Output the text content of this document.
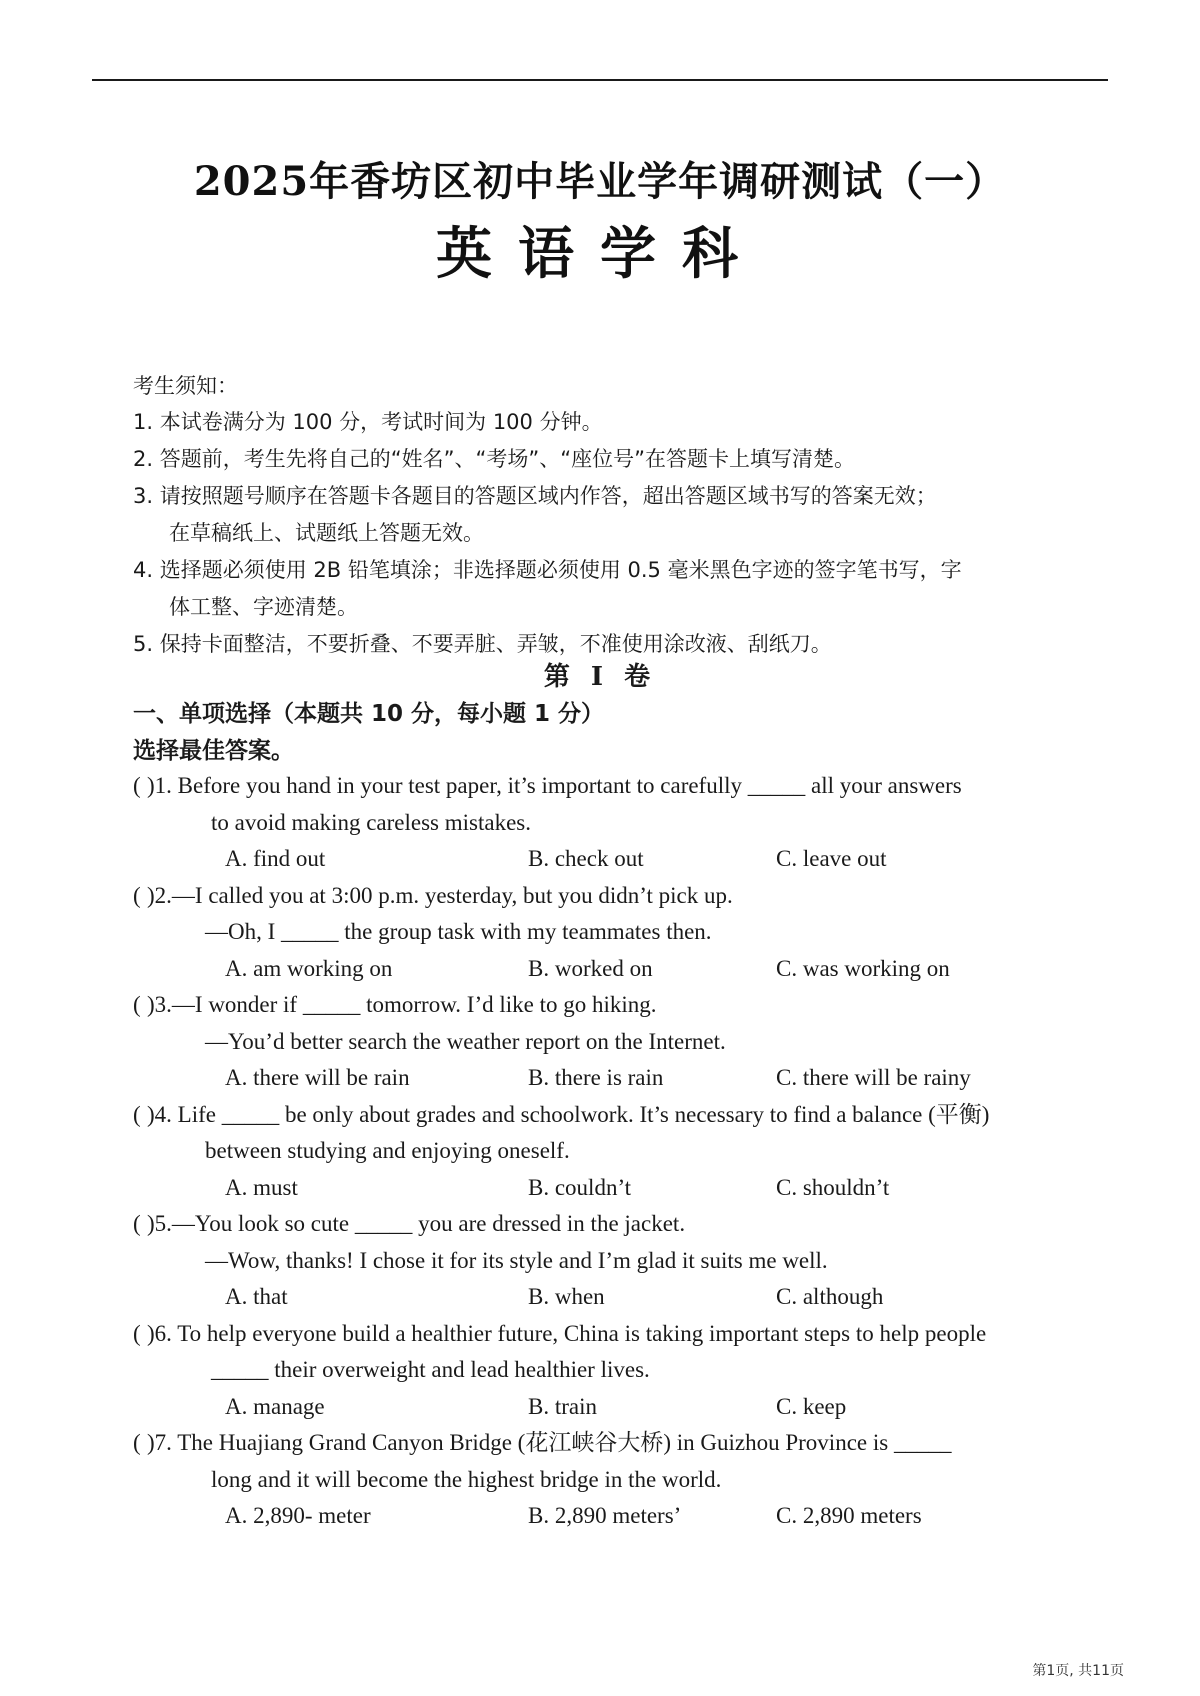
2025年香坊区初中毕业学年调研测试（一）
英语学科
考生须知：
1. 本试卷满分为 100 分，考试时间为 100 分钟。
2. 答题前，考生先将自己的“姓名”、“考场”、“座位号”在答题卡上填写清楚。
3. 请按照题号顺序在答题卡各题目的答题区域内作答，超出答题区域书写的答案无效；
在草稿纸上、试题纸上答题无效。
4. 选择题必须使用 2B 铅笔填涂；非选择题必须使用 0.5 毫米黑色字迹的签字笔书写，字
体工整、字迹清楚。
5. 保持卡面整洁，不要折叠、不要弄脏、弄皱，不准使用涂改液、刮纸刀。
第 I 卷
一、单项选择（本题共 10 分，每小题 1 分）
选择最佳答案。
( )1. Before you hand in your test paper, it’s important to carefully _____ all your answers
to avoid making careless mistakes.
A. find out	B. check out	C. leave out
( )2.—I called you at 3:00 p.m. yesterday, but you didn’t pick up.
—Oh, I _____ the group task with my teammates then.
A. am working on	B. worked on	C. was working on
( )3.—I wonder if _____ tomorrow. I’d like to go hiking.
—You’d better search the weather report on the Internet.
A. there will be rain	B. there is rain	C. there will be rainy
( )4. Life _____ be only about grades and schoolwork. It’s necessary to find a balance (平衡)
between studying and enjoying oneself.
A. must	B. couldn’t	C. shouldn’t
( )5.—You look so cute _____ you are dressed in the jacket.
—Wow, thanks! I chose it for its style and I’m glad it suits me well.
A. that	B. when	C. although
( )6. To help everyone build a healthier future, China is taking important steps to help people
_____ their overweight and lead healthier lives.
A. manage	B. train	C. keep
( )7. The Huajiang Grand Canyon Bridge (花江峡谷大桥) in Guizhou Province is _____
long and it will become the highest bridge in the world.
A. 2,890- meter	B. 2,890 meters’	C. 2,890 meters
第1页, 共11页
